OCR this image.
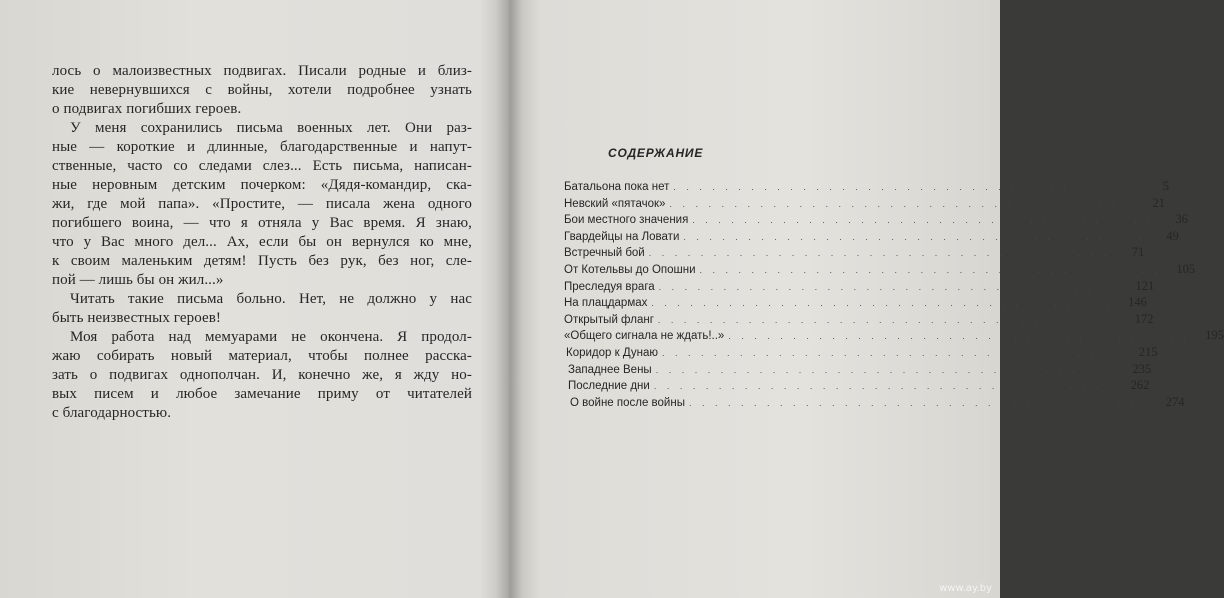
лось о малоизвестных подвигах. Писали родные и близ-
кие невернувшихся с войны, хотели подробнее узнать
о подвигах погибших героев.
У меня сохранились письма военных лет. Они раз-
ные — короткие и длинные, благодарственные и напут-
ственные, часто со следами слез... Есть письма, написан-
ные неровным детским почерком: «Дядя-командир, ска-
жи, где мой папа». «Простите, — писала жена одного
погибшего воина, — что я отняла у Вас время. Я знаю,
что у Вас много дел... Ах, если бы он вернулся ко мне,
к своим маленьким детям! Пусть без рук, без ног, сле-
пой — лишь бы он жил...»
Читать такие письма больно. Нет, не должно у нас
быть неизвестных героев!
Моя работа над мемуарами не окончена. Я продол-
жаю собирать новый материал, чтобы полнее расска-
зать о подвигах однополчан. И, конечно же, я жду но-
вых писем и любое замечание приму от читателей
с благодарностью.
СОДЕРЖАНИЕ
Батальона пока нет . . . . . . . . . . . . . . . . . . . . . . . . . . . . . . . . . . . .	5
Невский «пятачок» . . . . . . . . . . . . . . . . . . . . . . . . . . . . . . . . . . . .	21
Бои местного значения . . . . . . . . . . . . . . . . . . . . . . . . . . . . . . . . . . . .	36
Гвардейцы на Ловати . . . . . . . . . . . . . . . . . . . . . . . . . . . . . . . . . . . .	49
Встречный бой . . . . . . . . . . . . . . . . . . . . . . . . . . . . . . . . . . . .	71
От Котельвы до Опошни . . . . . . . . . . . . . . . . . . . . . . . . . . . . . . . . . . . .	105
Преследуя врага . . . . . . . . . . . . . . . . . . . . . . . . . . . . . . . . . . . .	121
На плацдармах . . . . . . . . . . . . . . . . . . . . . . . . . . . . . . . . . . . .	146
Открытый фланг . . . . . . . . . . . . . . . . . . . . . . . . . . . . . . . . . . . .	172
«Общего сигнала не ждать!..» . . . . . . . . . . . . . . . . . . . . . . . . . . . . . . . . . . . .	195
Коридор к Дунаю . . . . . . . . . . . . . . . . . . . . . . . . . . . . . . . . . . . .	215
Западнее Вены . . . . . . . . . . . . . . . . . . . . . . . . . . . . . . . . . . . .	235
Последние дни . . . . . . . . . . . . . . . . . . . . . . . . . . . . . . . . . . . .	262
О войне после войны . . . . . . . . . . . . . . . . . . . . . . . . . . . . . . . . . . . .	274
www.ay.by
